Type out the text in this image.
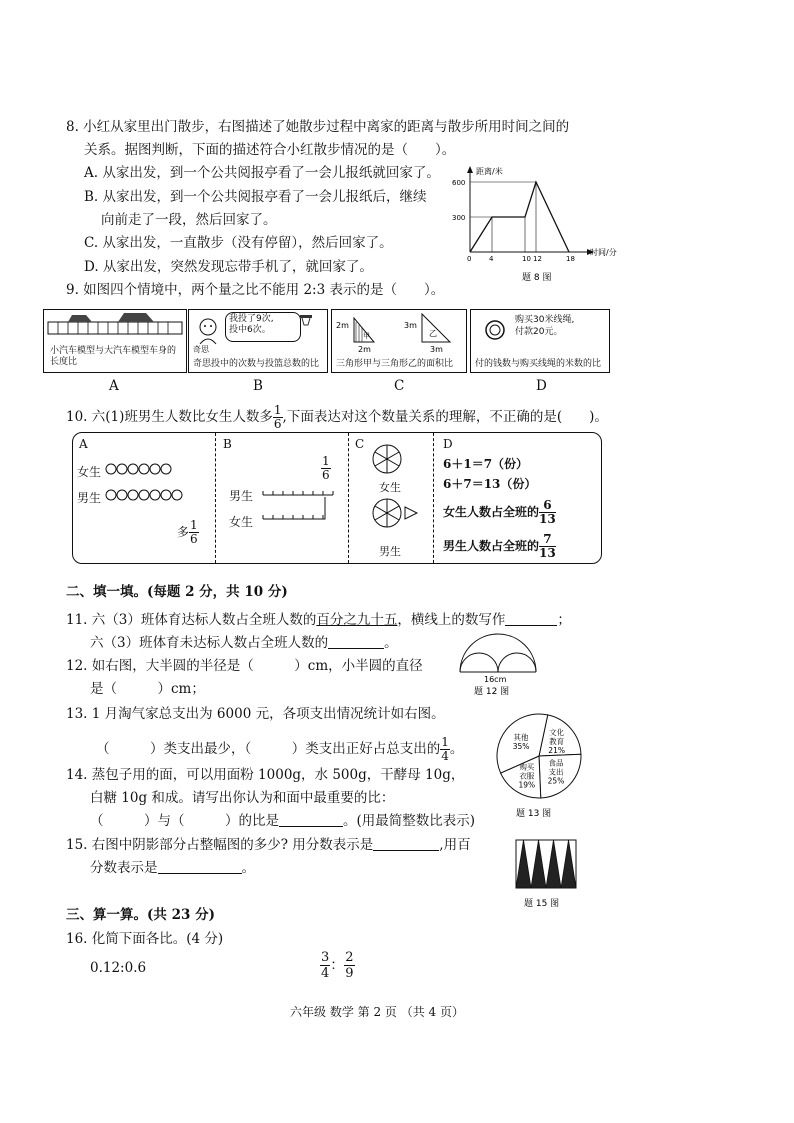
8. 小红从家里出门散步，右图描述了她散步过程中离家的距离与散步所用时间之间的
关系。据图判断，下面的描述符合小红散步情况的是（　　）。
A. 从家出发，到一个公共阅报亭看了一会儿报纸就回家了。
B. 从家出发，到一个公共阅报亭看了一会儿报纸后，继续
向前走了一段，然后回家了。
C. 从家出发，一直散步（没有停留），然后回家了。
D. 从家出发，突然发现忘带手机了，就回家了。
距离/米
时间/分
0	4	10 12	18
300
600
题 8 图
9. 如图四个情境中，两个量之比不能用 2:3 表示的是（　　）。
小汽车模型与大汽车模型车身的长度比
A
我投了9次,
投中6次。
奇思
奇思投中的次数与投篮总数的比
B
2m
甲
2m
3m
乙
3m
三角形甲与三角形乙的面积比
C
购买30米线绳,
付款20元。
付的钱数与购买线绳的米数的比
D
10. 六(1)班男生人数比女生人数多 $\frac{1}{6}$ ,下面表达对这个数量关系的理解，不正确的是(　　)。
A
女生
男生
多 $\frac{1}{6}$
B
$\frac{1}{6}$
男生
女生
C
女生
男生
D
6＋1＝7（份）
6＋7＝13（份）
女生人数占全班的 $\frac{6}{13}$
男生人数占全班的 $\frac{7}{13}$
二、填一填。(每题 2 分，共 10 分)
11. 六（3）班体育达标人数占全班人数的百分之九十五，横线上的数写作	；
六（3）班体育未达标人数占全班人数的	。
12. 如右图，大半圆的半径是（　　　）cm，小半圆的直径
是（　　　）cm；
16cm
题 12 图
13. 1 月淘气家总支出为 6000 元，各项支出情况统计如右图。
（　　　）类支出最少，（　　　）类支出正好占总支出的 $\frac{1}{4}$ 。
文化
教育
21%
食品
支出
25%
购买
衣服
19%
其他
35%
题 13 图
14. 蒸包子用的面，可以用面粉 1000g，水 500g，干酵母 10g，
白糖 10g 和成。请写出你认为和面中最重要的比：
（　　　）与（　　　）的比是	。(用最简整数比表示)
15. 右图中阴影部分占整幅图的多少? 用分数表示是	,用百
分数表示是	。
题 15 图
三、算一算。(共 23 分)
16. 化简下面各比。(4 分)
0.12:0.6	$\frac{3}{4}$ ： $\frac{2}{9}$
六年级 数学 第 2 页 （共 4 页）
